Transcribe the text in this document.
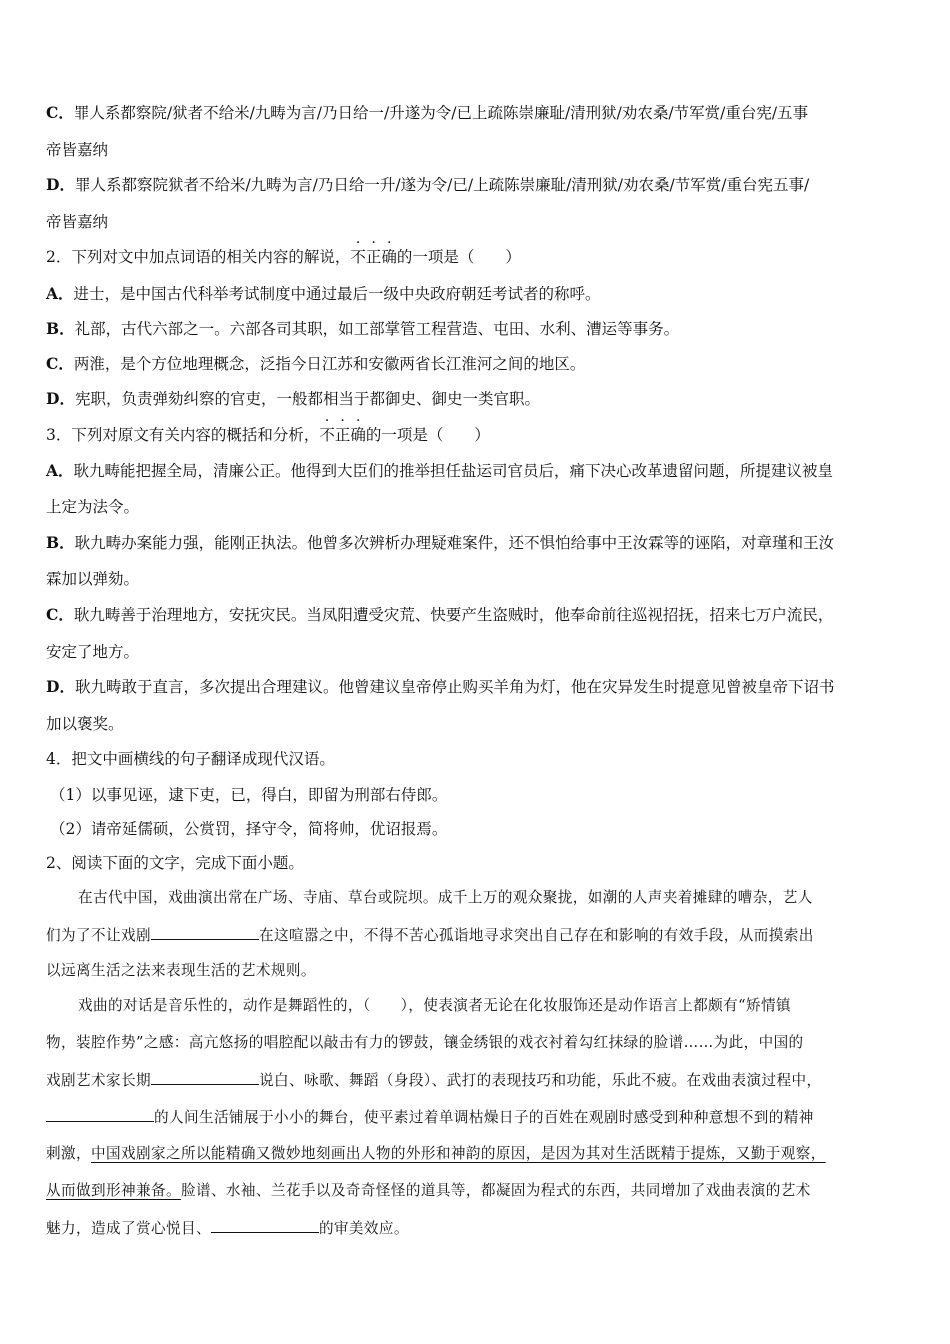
C．罪人系都察院/狱者不给米/九畴为言/乃日给一/升遂为令/已上疏陈崇廉耻/清刑狱/劝农桑/节军赏/重台宪/五事
帝皆嘉纳
D．罪人系都察院狱者不给米/九畴为言/乃日给一升/遂为令/已/上疏陈崇廉耻/清刑狱/劝农桑/节军赏/重台宪五事/
帝皆嘉纳
2．下列对文中加点词语的相关内容的解说，不正确的一项是（　　）
A．进士，是中国古代科举考试制度中通过最后一级中央政府朝廷考试者的称呼。
B．礼部，古代六部之一。六部各司其职，如工部掌管工程营造、屯田、水利、漕运等事务。
C．两淮，是个方位地理概念，泛指今日江苏和安徽两省长江淮河之间的地区。
D．宪职，负责弹劾纠察的官吏，一般都相当于都御史、御史一类官职。
3．下列对原文有关内容的概括和分析，不正确的一项是（　　）
A．耿九畴能把握全局，清廉公正。他得到大臣们的推举担任盐运司官员后，痛下决心改革遗留问题，所提建议被皇
上定为法令。
B．耿九畴办案能力强，能刚正执法。他曾多次辨析办理疑难案件，还不惧怕给事中王汝霖等的诬陷，对章瑾和王汝
霖加以弹劾。
C．耿九畴善于治理地方，安抚灾民。当凤阳遭受灾荒、快要产生盗贼时，他奉命前往巡视招抚，招来七万户流民，
安定了地方。
D．耿九畴敢于直言，多次提出合理建议。他曾建议皇帝停止购买羊角为灯，他在灾异发生时提意见曾被皇帝下诏书
加以褒奖。
4．把文中画横线的句子翻译成现代汉语。
（1）以事见诬，逮下吏，已，得白，即留为刑部右侍郎。
（2）请帝延儒硕，公赏罚，择守令，简将帅，优诏报焉。
2、阅读下面的文字，完成下面小题。
在古代中国，戏曲演出常在广场、寺庙、草台或院坝。成千上万的观众聚拢，如潮的人声夹着摊肆的嘈杂，艺人
们为了不让戏剧	在这喧嚣之中，不得不苦心孤诣地寻求突出自己存在和影响的有效手段，从而摸索出
以远离生活之法来表现生活的艺术规则。
戏曲的对话是音乐性的，动作是舞蹈性的，（　　），使表演者无论在化妆服饰还是动作语言上都颇有“矫情镇
物，装腔作势”之感：高亢悠扬的唱腔配以敲击有力的锣鼓，镶金绣银的戏衣衬着勾红抹绿的脸谱……为此，中国的
戏剧艺术家长期	说白、咏歌、舞蹈（身段）、武打的表现技巧和功能，乐此不疲。在戏曲表演过程中，
的人间生活铺展于小小的舞台，使平素过着单调枯燥日子的百姓在观剧时感受到种种意想不到的精神
刺激，中国戏剧家之所以能精确又微妙地刻画出人物的外形和神韵的原因，是因为其对生活既精于提炼，又勤于观察，
从而做到形神兼备。脸谱、水袖、兰花手以及奇奇怪怪的道具等，都凝固为程式的东西，共同增加了戏曲表演的艺术
魅力，造成了赏心悦目、	的审美效应。
